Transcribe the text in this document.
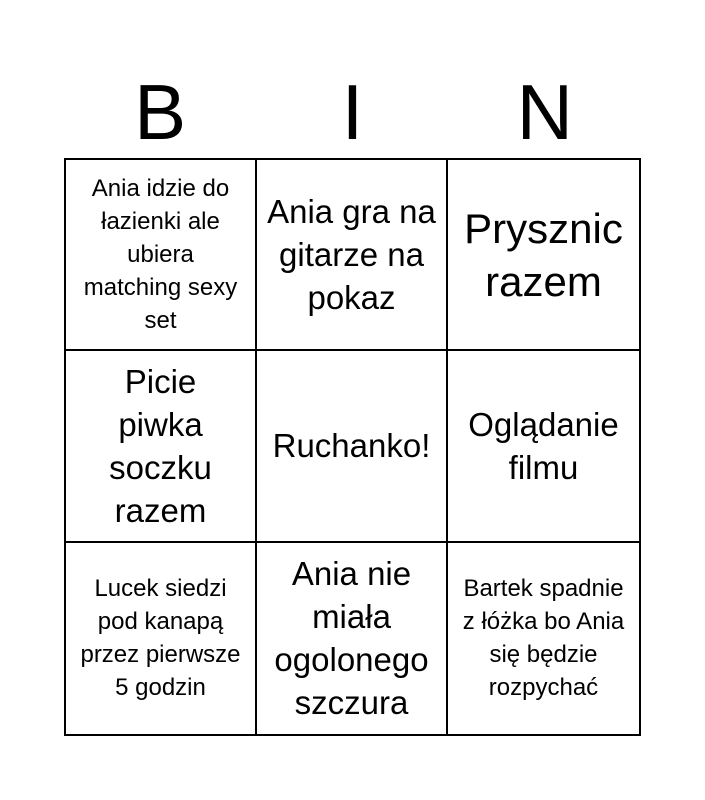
B	I	N
Ania idzie do łazienki ale ubiera matching sexy set
Ania gra na gitarze na pokaz
Prysznic razem
Picie piwka soczku razem
Ruchanko!
Oglądanie filmu
Lucek siedzi pod kanapą przez pierwsze 5 godzin
Ania nie miała ogolonego szczura
Bartek spadnie z łóżka bo Ania się będzie rozpychać
